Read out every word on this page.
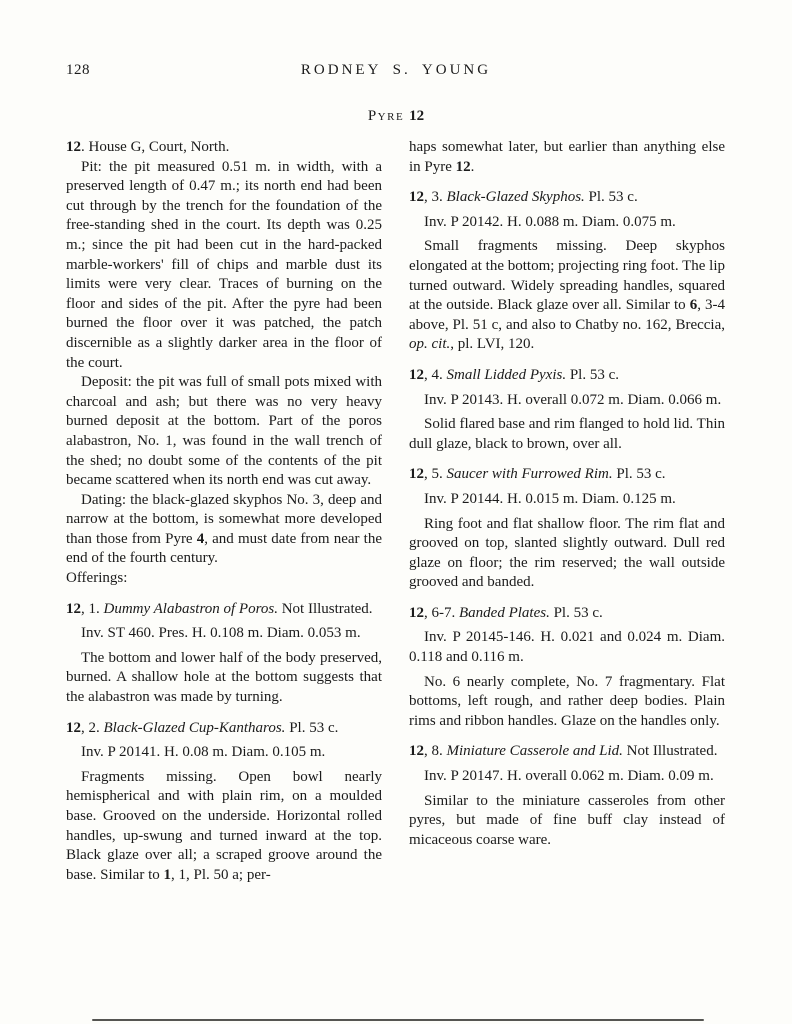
128	RODNEY S. YOUNG
Pyre 12

12. House G, Court, North.

Pit: the pit measured 0.51 m. in width, with a preserved length of 0.47 m.; its north end had been cut through by the trench for the foundation of the free-standing shed in the court. Its depth was 0.25 m.; since the pit had been cut in the hard-packed marble-workers' fill of chips and marble dust its limits were very clear. Traces of burning on the floor and sides of the pit. After the pyre had been burned the floor over it was patched, the patch discernible as a slightly darker area in the floor of the court.

Deposit: the pit was full of small pots mixed with charcoal and ash; but there was no very heavy burned deposit at the bottom. Part of the poros alabastron, No. 1, was found in the wall trench of the shed; no doubt some of the contents of the pit became scattered when its north end was cut away.

Dating: the black-glazed skyphos No. 3, deep and narrow at the bottom, is somewhat more developed than those from Pyre 4, and must date from near the end of the fourth century.

Offerings:

12, 1. Dummy Alabastron of Poros. Not Illustrated.

Inv. ST 460. Pres. H. 0.108 m. Diam. 0.053 m.

The bottom and lower half of the body preserved, burned. A shallow hole at the bottom suggests that the alabastron was made by turning.

12, 2. Black-Glazed Cup-Kantharos. Pl. 53 c.

Inv. P 20141. H. 0.08 m. Diam. 0.105 m.

Fragments missing. Open bowl nearly hemispherical and with plain rim, on a moulded base. Grooved on the underside. Horizontal rolled handles, up-swung and turned inward at the top. Black glaze over all; a scraped groove around the base. Similar to 1, 1, Pl. 50 a; per-

haps somewhat later, but earlier than anything else in Pyre 12.

12, 3. Black-Glazed Skyphos. Pl. 53 c.

Inv. P 20142. H. 0.088 m. Diam. 0.075 m.

Small fragments missing. Deep skyphos elongated at the bottom; projecting ring foot. The lip turned outward. Widely spreading handles, squared at the outside. Black glaze over all. Similar to 6, 3-4 above, Pl. 51 c, and also to Chatby no. 162, Breccia, op. cit., pl. LVI, 120.

12, 4. Small Lidded Pyxis. Pl. 53 c.

Inv. P 20143. H. overall 0.072 m. Diam. 0.066 m.

Solid flared base and rim flanged to hold lid. Thin dull glaze, black to brown, over all.

12, 5. Saucer with Furrowed Rim. Pl. 53 c.

Inv. P 20144. H. 0.015 m. Diam. 0.125 m.

Ring foot and flat shallow floor. The rim flat and grooved on top, slanted slightly outward. Dull red glaze on floor; the rim reserved; the wall outside grooved and banded.

12, 6-7. Banded Plates. Pl. 53 c.

Inv. P 20145-146. H. 0.021 and 0.024 m. Diam. 0.118 and 0.116 m.

No. 6 nearly complete, No. 7 fragmentary. Flat bottoms, left rough, and rather deep bodies. Plain rims and ribbon handles. Glaze on the handles only.

12, 8. Miniature Casserole and Lid. Not Illustrated.

Inv. P 20147. H. overall 0.062 m. Diam. 0.09 m.

Similar to the miniature casseroles from other pyres, but made of fine buff clay instead of micaceous coarse ware.
